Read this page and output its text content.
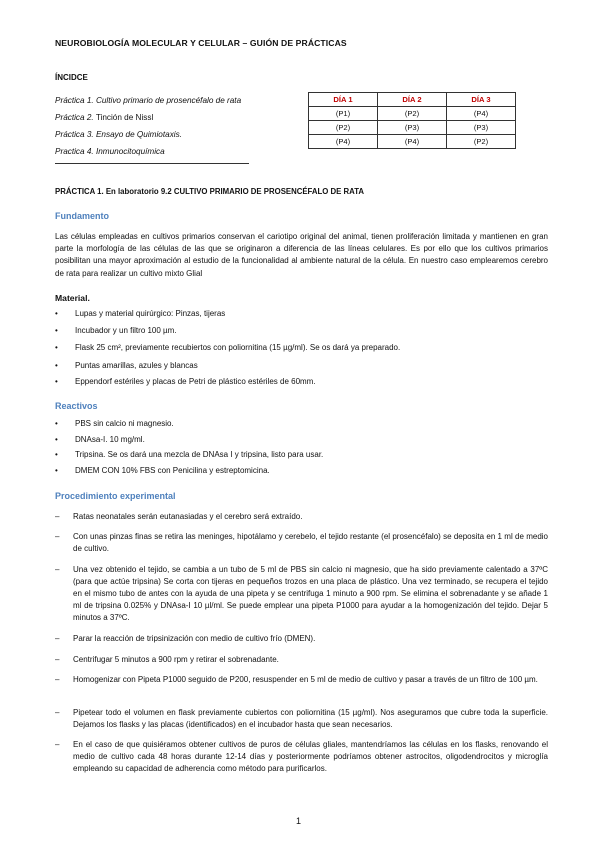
NEUROBIOLOGÍA MOLECULAR Y CELULAR – GUIÓN DE PRÁCTICAS
ÍNCIDCE
Práctica 1. Cultivo primario de prosencéfalo de rata
Práctica 2. Tinción de Nissl
Práctica 3. Ensayo de Quimiotaxis.
Practica 4. Inmunocitoquímica
DÍA 1	DÍA 2	DÍA 3
(P1)	(P2)	(P4)
(P2)	(P3)	(P3)
(P4)	(P4)	(P2)
PRÁCTICA 1. En laboratorio 9.2 CULTIVO PRIMARIO DE PROSENCÉFALO DE RATA
Fundamento
Las células empleadas en cultivos primarios conservan el cariotipo original del animal, tienen proliferación limitada y mantienen en gran parte la morfología de las células de las que se originaron a diferencia de las líneas celulares. Es por ello que los cultivos primarios posibilitan una mayor aproximación al estudio de la funcionalidad al ambiente natural de la célula. En nuestro caso emplearemos cerebro de rata para realizar un cultivo mixto Glial
Material.
• Lupas y material quirúrgico: Pinzas, tijeras
• Incubador y un filtro 100 µm.
• Flask 25 cm², previamente recubiertos con poliornitina (15 µg/ml). Se os dará ya preparado.
• Puntas amarillas, azules y blancas
• Eppendorf estériles y placas de Petri de plástico estériles de 60mm.
Reactivos
• PBS sin calcio ni magnesio.
• DNAsa-I. 10 mg/ml.
• Tripsina. Se os dará una mezcla de DNAsa I y tripsina, listo para usar.
• DMEM CON 10% FBS con Penicilina y estreptomicina.
Procedimiento experimental
– Ratas neonatales serán eutanasiadas y el cerebro será extraído.
– Con unas pinzas finas se retira las meninges, hipotálamo y cerebelo, el tejido restante (el prosencéfalo) se deposita en 1 ml de medio de cultivo.
– Una vez obtenido el tejido, se cambia a un tubo de 5 ml de PBS sin calcio ni magnesio, que ha sido previamente calentado a 37ºC (para que actúe tripsina) Se corta con tijeras en pequeños trozos en una placa de plástico. Una vez terminado, se recupera el tejido en el mismo tubo de antes con la ayuda de una pipeta y se centrifuga 1 minuto a 900 rpm. Se elimina el sobrenadante y se añade 1 ml de tripsina 0.025% y DNAsa-I 10 µl/ml. Se puede emplear una pipeta P1000 para ayudar a la homogenización del tejido. Dejar 5 minutos a 37ºC.
– Parar la reacción de tripsinización con medio de cultivo frío (DMEN).
– Centrifugar 5 minutos a 900 rpm y retirar el sobrenadante.
– Homogenizar con Pipeta P1000 seguido de P200, resuspender en 5 ml de medio de cultivo y pasar a través de un filtro de 100 µm.
– Pipetear todo el volumen en flask previamente cubiertos con poliornitina (15 µg/ml). Nos aseguramos que cubre toda la superficie. Dejamos los flasks y las placas (identificados) en el incubador hasta que sean necesarios.
– En el caso de que quisiéramos obtener cultivos de puros de células gliales, mantendríamos las células en los flasks, renovando el medio de cultivo cada 48 horas durante 12-14 días y posteriormente podríamos obtener astrocitos, oligodendrocitos y microglía empleando su capacidad de adherencia como método para purificarlos.
1
